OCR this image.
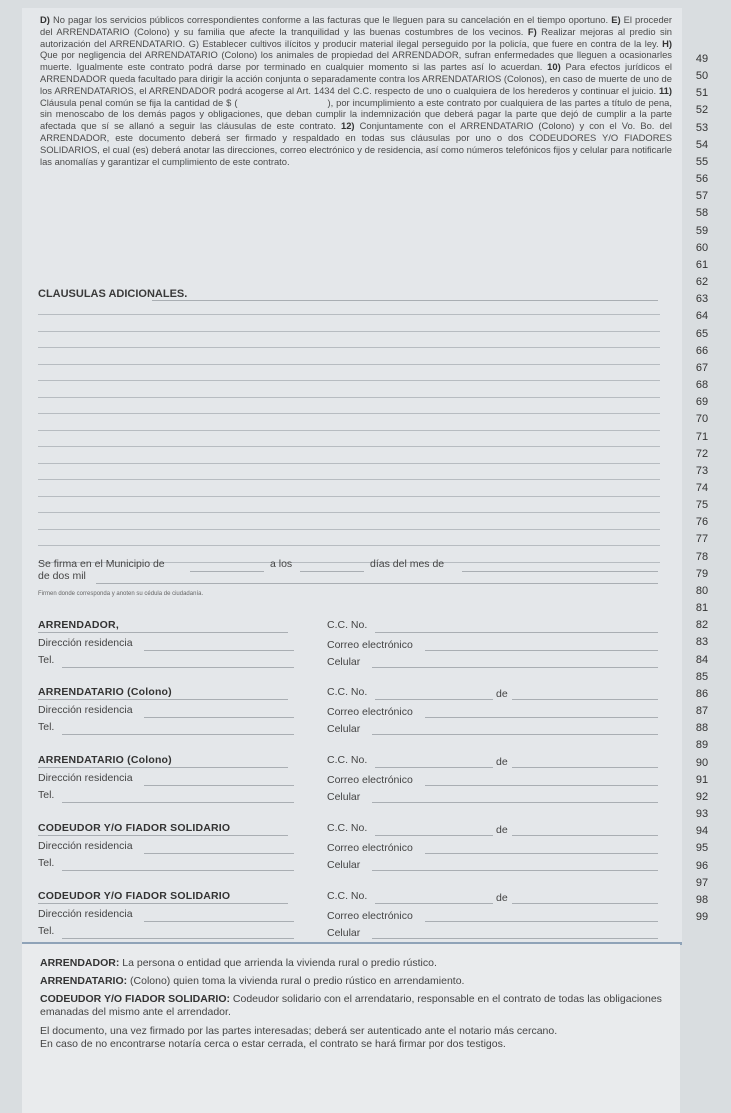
D) No pagar los servicios públicos correspondientes conforme a las facturas que le lleguen para su cancelación en el tiempo oportuno. E) El proceder del ARRENDATARIO (Colono) y su familia que afecte la tranquilidad y las buenas costumbres de los vecinos. F) Realizar mejoras al predio sin autorización del ARRENDATARIO. G) Establecer cultivos ilícitos y producir material ilegal perseguido por la policía, que fuere en contra de la ley. H) Que por negligencia del ARRENDATARIO (Colono) los animales de propiedad del ARRENDADOR, sufran enfermedades que lleguen a ocasionarles muerte. Igualmente este contrato podrá darse por terminado en cualquier momento si las partes así lo acuerdan. 10) Para efectos jurídicos el ARRENDADOR queda facultado para dirigir la acción conjunta o separadamente contra los ARRENDATARIOS (Colonos), en caso de muerte de uno de los ARRENDATARIOS, el ARRENDADOR podrá acogerse al Art. 1434 del C.C. respecto de uno o cualquiera de los herederos y continuar el juicio. 11) Cláusula penal común se fija la cantidad de $ (	), por incumplimiento a este contrato por cualquiera de las partes a título de pena, sin menoscabo de los demás pagos y obligaciones, que deban cumplir la indemnización que deberá pagar la parte que dejó de cumplir a la parte afectada que sí se allanó a seguir las cláusulas de este contrato. 12) Conjuntamente con el ARRENDATARIO (Colono) y con el Vo. Bo. del ARRENDADOR, este documento deberá ser firmado y respaldado en todas sus cláusulas por uno o dos CODEUDORES Y/O FIADORES SOLIDARIOS, el cual (es) deberá anotar las direcciones, correo electrónico y de residencia, así como números telefónicos fijos y celular para notificarle las anomalías y garantizar el cumplimiento de este contrato.
CLAUSULAS ADICIONALES.
49
50
51
52
53
54
55
56
57
58
59
60
61
62
63
64
65
66
67
68
69
70
71
72
73
74
75
76
77
78
79
80
81
82
83
84
85
86
87
88
89
90
91
92
93
94
95
96
97
98
99
Se firma en el Municipio de	a los	días del mes de
de dos mil
Firmen donde corresponda y anoten su cédula de ciudadanía.
ARRENDADOR,	C.C. No.
Dirección residencia	Correo electrónico
Tel.	Celular
ARRENDATARIO (Colono)	C.C. No.	de
Dirección residencia	Correo electrónico
Tel.	Celular
ARRENDATARIO (Colono)	C.C. No.	de
Dirección residencia	Correo electrónico
Tel.	Celular
CODEUDOR Y/O FIADOR SOLIDARIO	C.C. No.	de
Dirección residencia	Correo electrónico
Tel.	Celular
CODEUDOR Y/O FIADOR SOLIDARIO	C.C. No.	de
Dirección residencia	Correo electrónico
Tel.	Celular
ARRENDADOR: La persona o entidad que arrienda la vivienda rural o predio rústico.
ARRENDATARIO: (Colono) quien toma la vivienda rural o predio rústico en arrendamiento.
CODEUDOR Y/O FIADOR SOLIDARIO: Codeudor solidario con el arrendatario, responsable en el contrato de todas las obligaciones emanadas del mismo ante el arrendador.
El documento, una vez firmado por las partes interesadas; deberá ser autenticado ante el notario más cercano.
En caso de no encontrarse notaría cerca o estar cerrada, el contrato se hará firmar por dos testigos.
